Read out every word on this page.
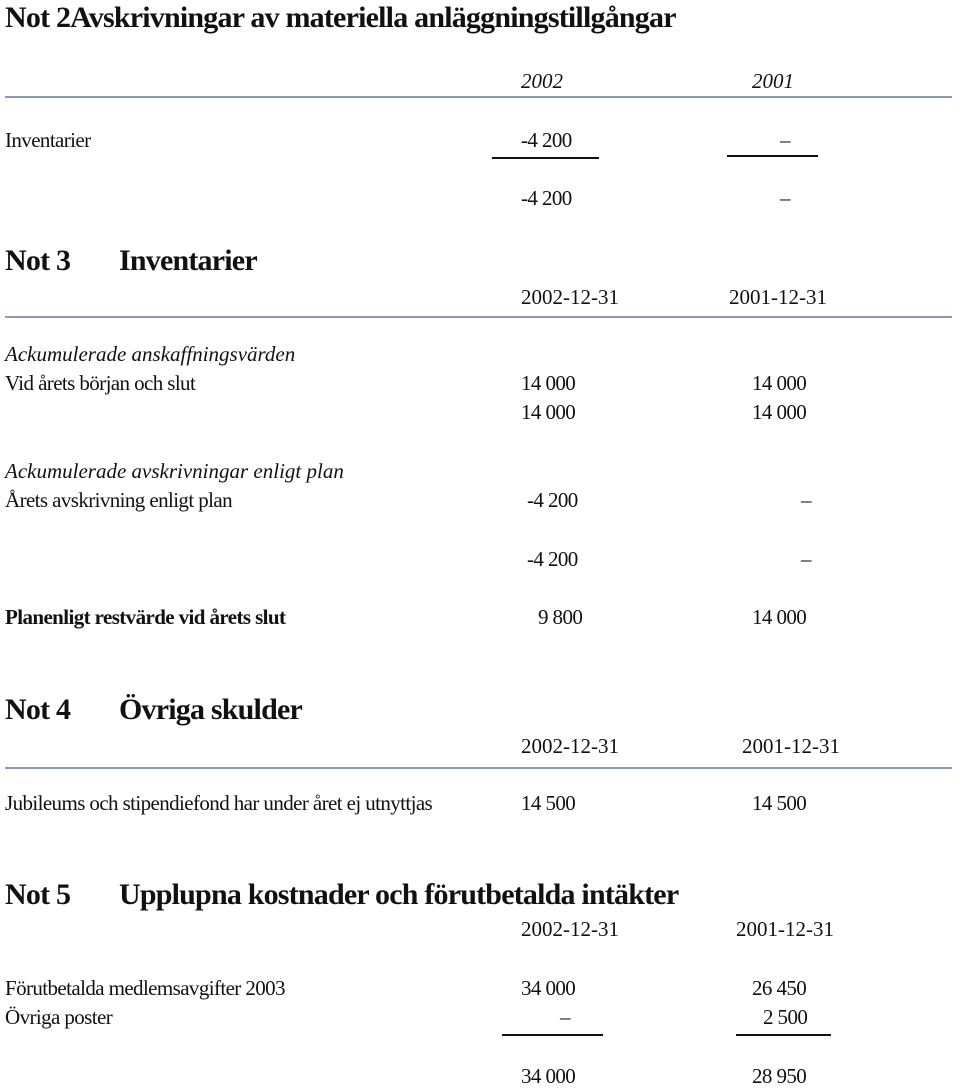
Not 2Avskrivningar av materiella anläggningstillgångar
2002	2001
Inventarier	-4 200	–
-4 200	–
Not 3 Inventarier
2002-12-31	2001-12-31
Ackumulerade anskaffningsvärden
Vid årets början och slut	14 000	14 000
14 000	14 000
Ackumulerade avskrivningar enligt plan
Årets avskrivning enligt plan	-4 200	–
-4 200	–
Planenligt restvärde vid årets slut	9 800	14 000
Not 4 Övriga skulder
2002-12-31	2001-12-31
Jubileums och stipendiefond har under året ej utnyttjas	14 500	14 500
Not 5 Upplupna kostnader och förutbetalda intäkter
2002-12-31	2001-12-31
Förutbetalda medlemsavgifter 2003	34 000	26 450
Övriga poster	–	2 500
34 000	28 950
